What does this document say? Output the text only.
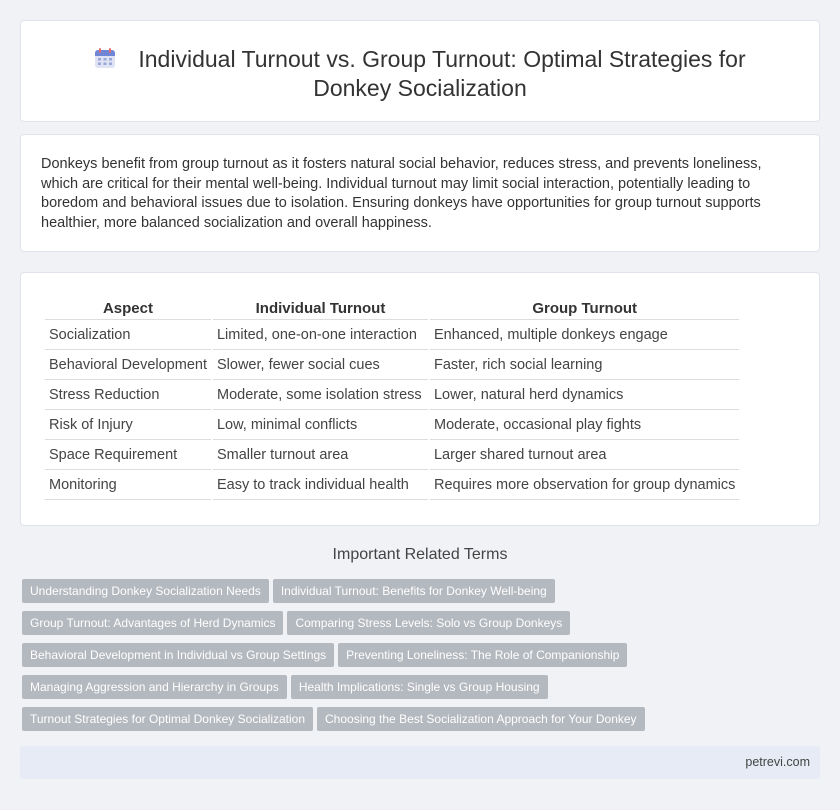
Individual Turnout vs. Group Turnout: Optimal Strategies for
Donkey Socialization

Donkeys benefit from group turnout as it fosters natural social behavior, reduces stress, and prevents loneliness, which are critical for their mental well-being. Individual turnout may limit social interaction, potentially leading to boredom and behavioral issues due to isolation. Ensuring donkeys have opportunities for group turnout supports healthier, more balanced socialization and overall happiness.

Aspect	Individual Turnout	Group Turnout
Socialization	Limited, one-on-one interaction	Enhanced, multiple donkeys engage
Behavioral Development	Slower, fewer social cues	Faster, rich social learning
Stress Reduction	Moderate, some isolation stress	Lower, natural herd dynamics
Risk of Injury	Low, minimal conflicts	Moderate, occasional play fights
Space Requirement	Smaller turnout area	Larger shared turnout area
Monitoring	Easy to track individual health	Requires more observation for group dynamics
Important Related Terms
Understanding Donkey Socialization Needs Individual Turnout: Benefits for Donkey Well-being
Group Turnout: Advantages of Herd Dynamics Comparing Stress Levels: Solo vs Group Donkeys
Behavioral Development in Individual vs Group Settings Preventing Loneliness: The Role of Companionship
Managing Aggression and Hierarchy in Groups Health Implications: Single vs Group Housing
Turnout Strategies for Optimal Donkey Socialization Choosing the Best Socialization Approach for Your Donkey
petrevi.com
